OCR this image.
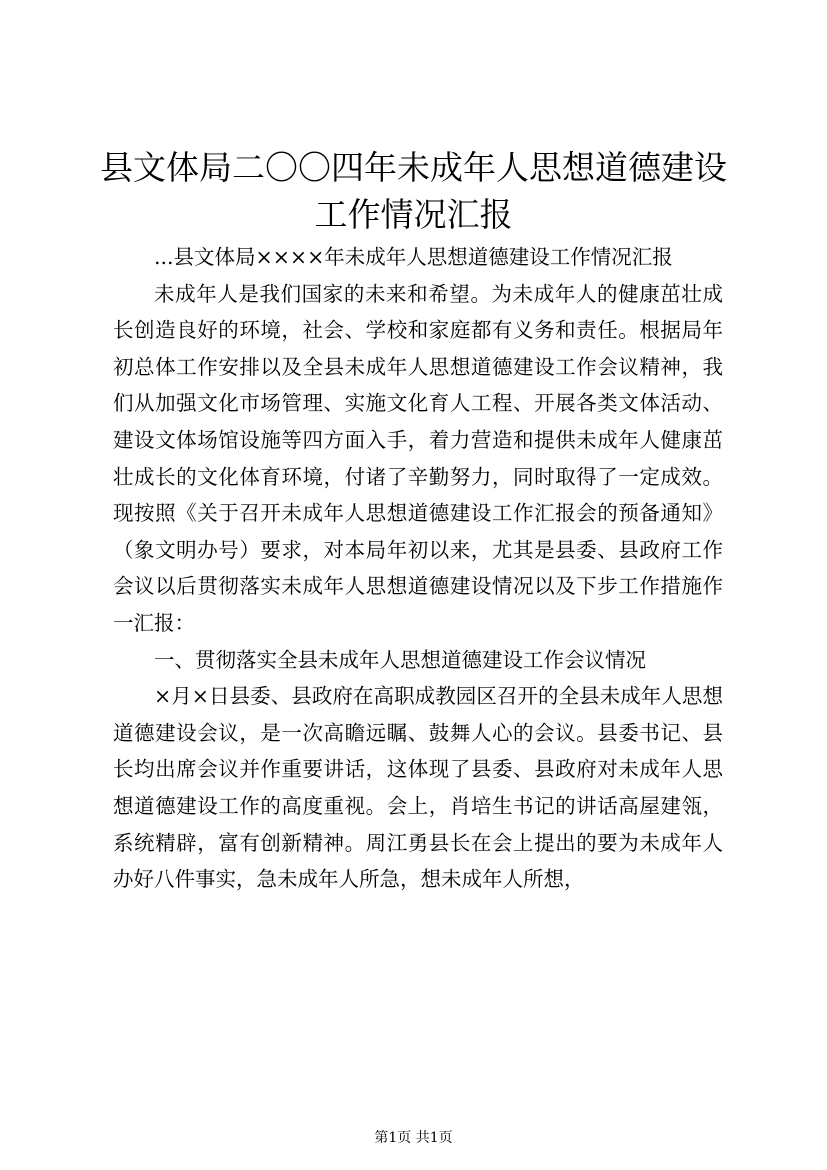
县文体局二〇〇四年未成年人思想道德建设工作情况汇报

...县文体局××××年未成年人思想道德建设工作情况汇报

未成年人是我们国家的未来和希望。为未成年人的健康茁壮成长创造良好的环境，社会、学校和家庭都有义务和责任。根据局年初总体工作安排以及全县未成年人思想道德建设工作会议精神，我们从加强文化市场管理、实施文化育人工程、开展各类文体活动、建设文体场馆设施等四方面入手，着力营造和提供未成年人健康茁壮成长的文化体育环境，付诸了辛勤努力，同时取得了一定成效。现按照《关于召开未成年人思想道德建设工作汇报会的预备通知》（象文明办号）要求，对本局年初以来，尤其是县委、县政府工作会议以后贯彻落实未成年人思想道德建设情况以及下步工作措施作一汇报：

一、贯彻落实全县未成年人思想道德建设工作会议情况

×月×日县委、县政府在高职成教园区召开的全县未成年人思想道德建设会议，是一次高瞻远瞩、鼓舞人心的会议。县委书记、县长均出席会议并作重要讲话，这体现了县委、县政府对未成年人思想道德建设工作的高度重视。会上，肖培生书记的讲话高屋建瓴，系统精辟，富有创新精神。周江勇县长在会上提出的要为未成年人办好八件事实，急未成年人所急，想未成年人所想，

第1页 共1页
